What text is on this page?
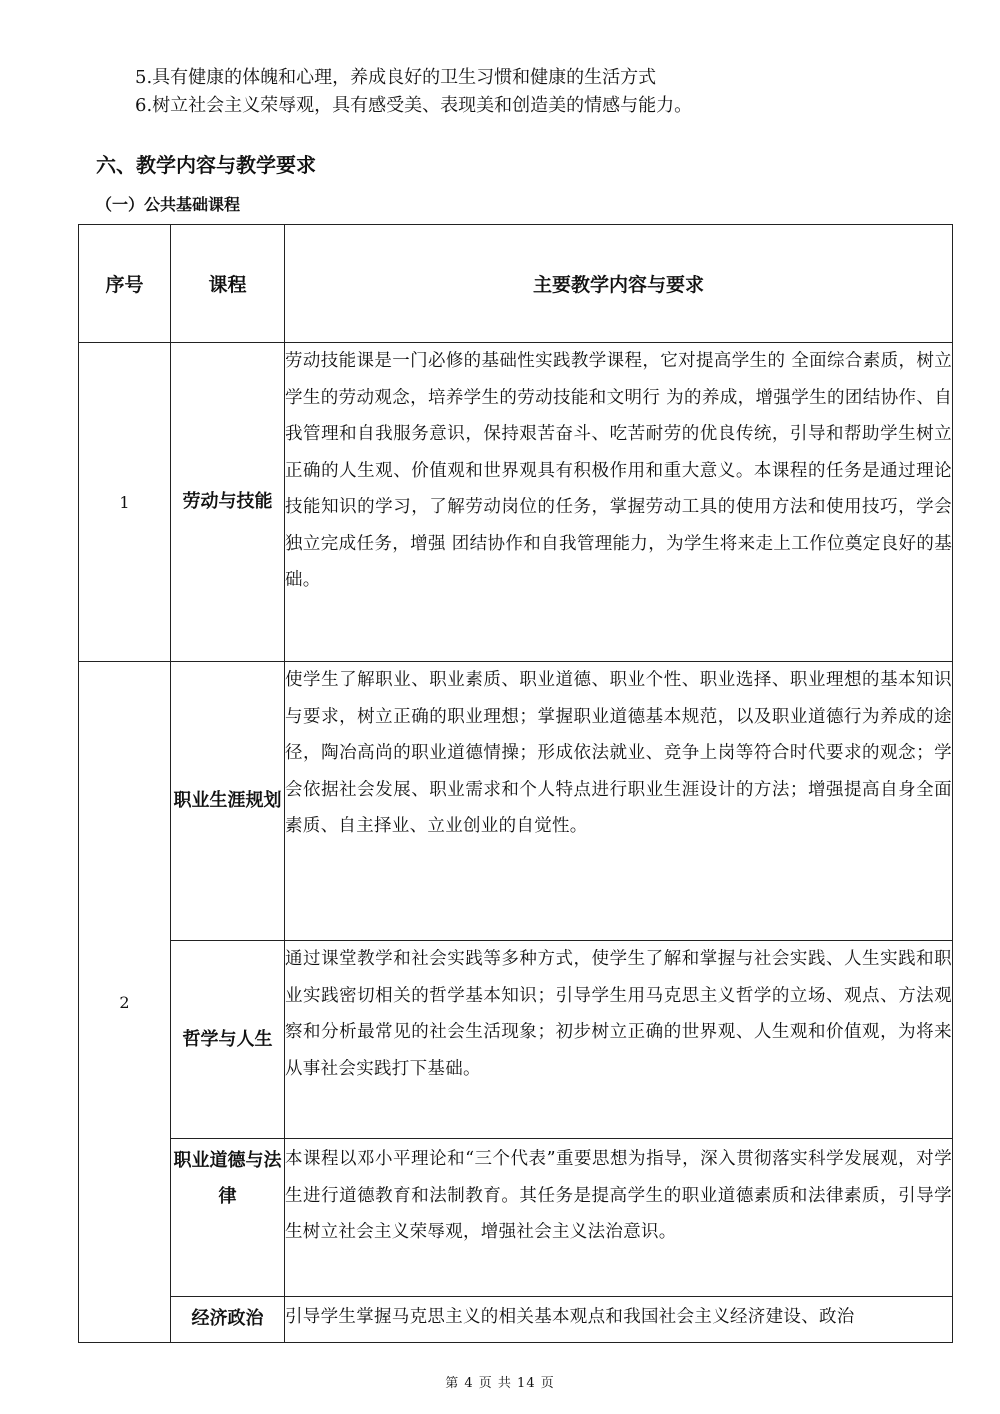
5.具有健康的体魄和心理，养成良好的卫生习惯和健康的生活方式
6.树立社会主义荣辱观，具有感受美、表现美和创造美的情感与能力。
六、教学内容与教学要求
（一）公共基础课程
序号	课程	主要教学内容与要求
1	劳动与技能	劳动技能课是一门必修的基础性实践教学课程，它对提高学生的 全面综合素质，树立学生的劳动观念，培养学生的劳动技能和文明行 为的养成，增强学生的团结协作、自我管理和自我服务意识，保持艰苦奋斗、吃苦耐劳的优良传统，引导和帮助学生树立正确的人生观、价值观和世界观具有积极作用和重大意义。本课程的任务是通过理论技能知识的学习，了解劳动岗位的任务，掌握劳动工具的使用方法和使用技巧，学会独立完成任务，增强 团结协作和自我管理能力，为学生将来走上工作位奠定良好的基础。
2	职业生涯规划	使学生了解职业、职业素质、职业道德、职业个性、职业选择、职业理想的基本知识与要求，树立正确的职业理想；掌握职业道德基本规范，以及职业道德行为养成的途径，陶冶高尚的职业道德情操；形成依法就业、竞争上岗等符合时代要求的观念；学会依据社会发展、职业需求和个人特点进行职业生涯设计的方法；增强提高自身全面素质、自主择业、立业创业的自觉性。
	哲学与人生	通过课堂教学和社会实践等多种方式，使学生了解和掌握与社会实践、人生实践和职业实践密切相关的哲学基本知识；引导学生用马克思主义哲学的立场、观点、方法观察和分析最常见的社会生活现象；初步树立正确的世界观、人生观和价值观，为将来从事社会实践打下基础。
	职业道德与法律	本课程以邓小平理论和“三个代表”重要思想为指导，深入贯彻落实科学发展观，对学生进行道德教育和法制教育。其任务是提高学生的职业道德素质和法律素质，引导学生树立社会主义荣辱观，增强社会主义法治意识。
	经济政治	引导学生掌握马克思主义的相关基本观点和我国社会主义经济建设、政治
第 4 页 共 14 页
